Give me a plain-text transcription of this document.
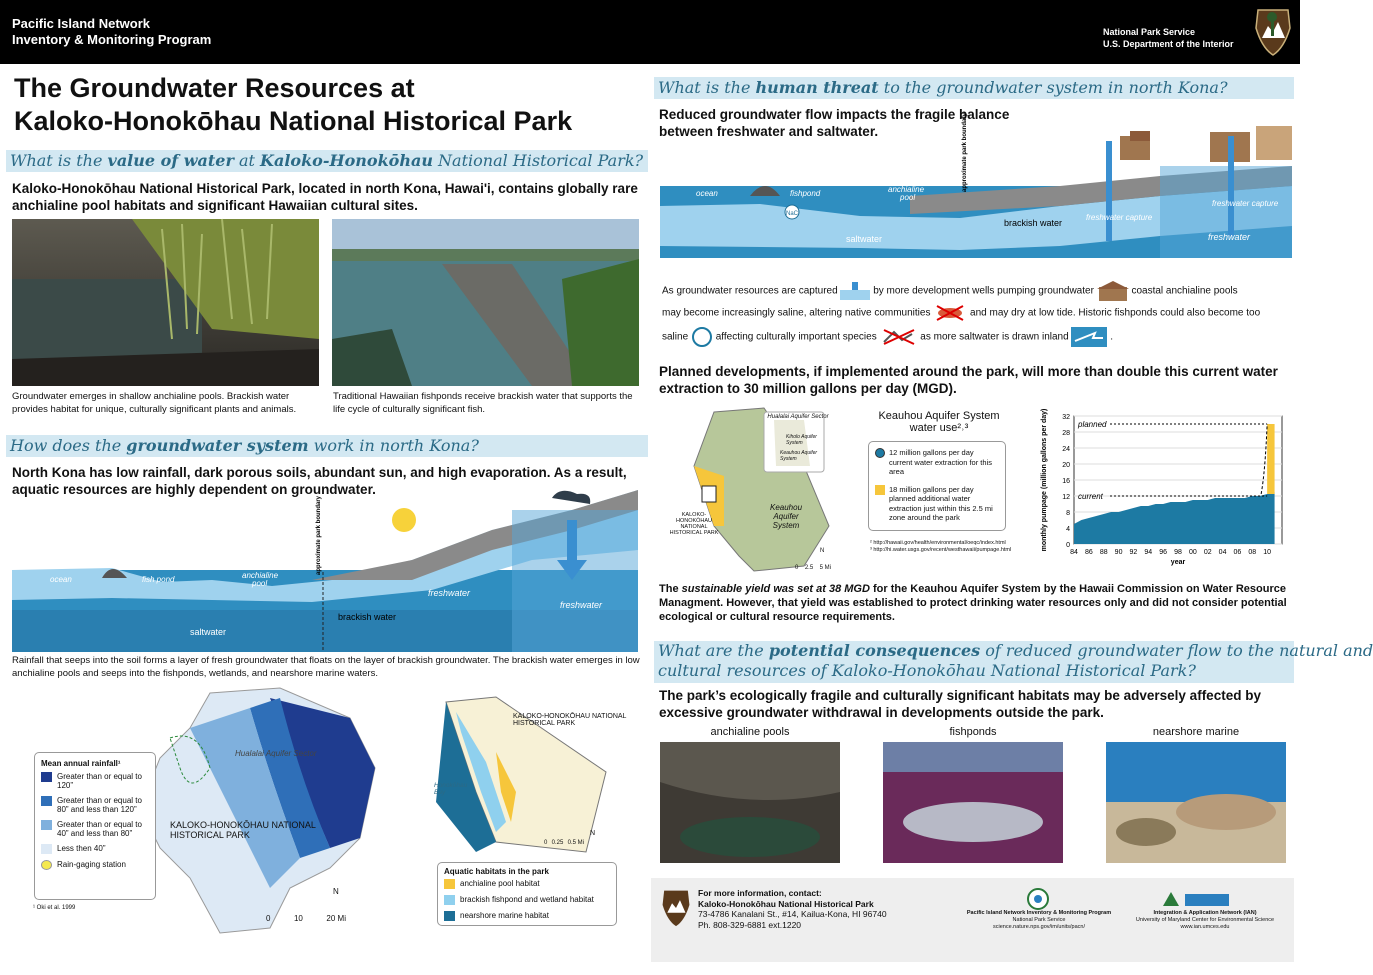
Pacific Island Network
Inventory & Monitoring Program	National Park Service
U.S. Department of the Interior
The Groundwater Resources at
Kaloko-Honokōhau National Historical Park
What is the value of water at Kaloko-Honokōhau National Historical Park?
Kaloko-Honokōhau National Historical Park, located in north Kona, Hawai'i, contains globally rare anchialine pool habitats and significant Hawaiian cultural sites.
Groundwater emerges in shallow anchialine pools. Brackish water provides habitat for unique, culturally significant plants and animals.
Traditional Hawaiian fishponds receive brackish water that supports the life cycle of culturally significant fish.
How does the groundwater system work in north Kona?
North Kona has low rainfall, dark porous soils, abundant sun, and high evaporation. As a result, aquatic resources are highly dependent on groundwater.
ocean	fish pond	anchialine
pool
approximate park boundary
brackish water
saltwater
freshwater
freshwater
Rainfall that seeps into the soil forms a layer of fresh groundwater that floats on the layer of brackish groundwater. The brackish water emerges in low anchialine pools and seeps into the fishponds, wetlands, and nearshore marine waters.
Hualalai Aquifer Sector
KALOKO-HONOKŌHAU NATIONAL HISTORICAL PARK
¹ Oki et al. 1999
0	10	20 Mi
N
Mean annual rainfall¹
Greater than or equal to 120”
Greater than or equal to 80” and less than 120”
Greater than or equal to 40” and less than 80”
Less then 40”
Rain-gaging station
KALOKO-HONOKŌHAU NATIONAL HISTORICAL PARK
Honokōhau Bay
0 0.25 0.5 Mi
N
Aquatic habitats in the park
anchialine pool habitat
brackish fishpond and wetland habitat
nearshore marine habitat
What is the human threat to the groundwater system in north Kona?
Reduced groundwater flow impacts the fragile balance between freshwater and saltwater.
ocean	fishpond	anchialine
pool
approximate park boundary
brackish water
saltwater
freshwater capture
freshwater capture
freshwater
NaCl
As groundwater resources are captured	by more development wells pumping groundwater	coastal anchialine pools
may become increasingly saline, altering native communities	and may dry at low tide. Historic fishponds could also become too
saline	affecting culturally important species	as more saltwater is drawn inland	.
Planned developments, if implemented around the park, will more than double this current water extraction to 30 million gallons per day (MGD).
Hualalai Aquifer Sector
Kiholo Aquifer System
Keauhou Aquifer System
Keauhou Aquifer System
KALOKO-HONOKŌHAU NATIONAL HISTORICAL PARK
0 2.5 5 Mi
N
Keauhou Aquifer System water use²˒³
12 million gallons per day current water extraction for this area
18 million gallons per day planned additional water extraction just within this 2.5 mi zone around the park
² http://hawaii.gov/health/environmental/oeqc/index.html
³ http://hi.water.usgs.gov/recent/westhawaii/pumpage.html
0
4
8
12
16
20
24
28
32
84 86 88 90 92 94 96 98 00 02 04 06 08 10
planned
current
year
monthly pumpage (million gallons per day)
The sustainable yield was set at 38 MGD for the Keauhou Aquifer System by the Hawaii Commission on Water Resource Managment. However, that yield was established to protect drinking water resources only and did not consider potential ecological or cultural resource requirements.
What are the potential consequences of reduced groundwater flow to the natural and
cultural resources of Kaloko-Honokōhau National Historical Park?
The park’s ecologically fragile and culturally significant habitats may be adversely affected by excessive groundwater withdrawal in developments outside the park.
anchialine pools	fishponds	nearshore marine
For more information, contact:
Kaloko-Honokōhau National Historical Park
73-4786 Kanalani St., #14, Kailua-Kona, HI 96740
Ph. 808-329-6881 ext.1220
Pacific Island Network Inventory & Monitoring Program
National Park Service
science.nature.nps.gov/im/units/pacn/
Integration & Application Network (IAN)
University of Maryland Center for Environmental Science
www.ian.umces.edu
